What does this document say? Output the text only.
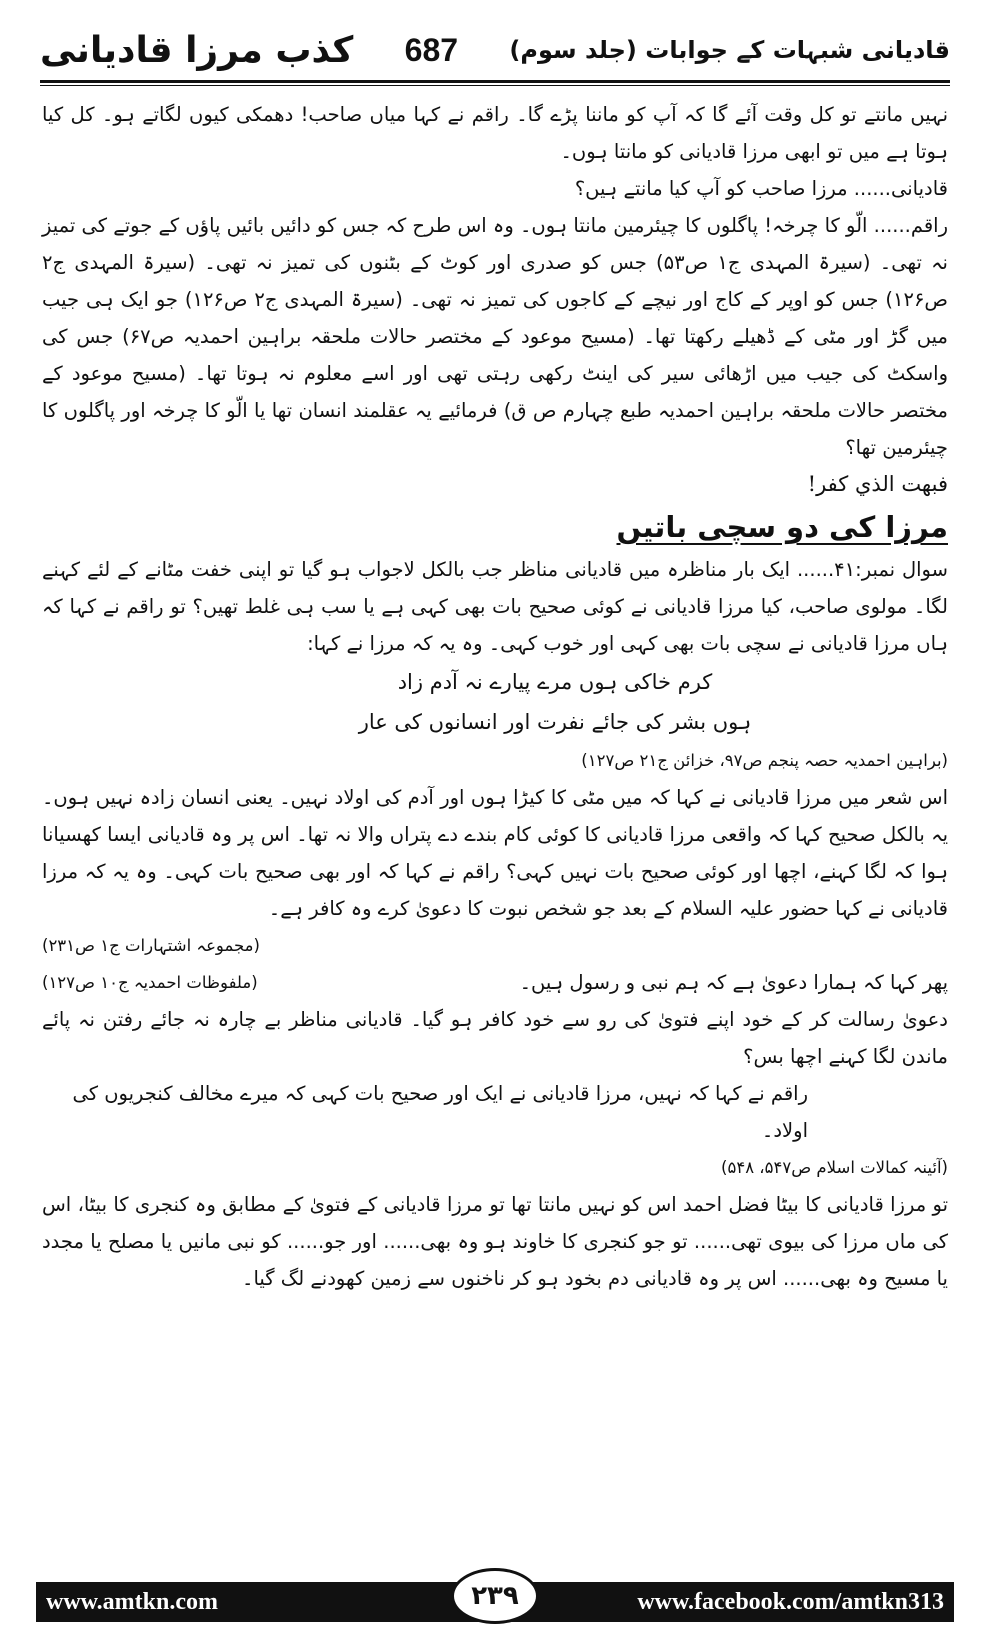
کذب مرزا قادیانی 687 قادیانی شبہات کے جوابات (جلد سوم)

نہیں مانتے تو کل وقت آئے گا کہ آپ کو ماننا پڑے گا۔ راقم نے کہا میاں صاحب! دھمکی کیوں لگاتے ہو۔ کل کیا ہوتا ہے میں تو ابھی مرزا قادیانی کو مانتا ہوں۔

قادیانی...... مرزا صاحب کو آپ کیا مانتے ہیں؟

راقم...... الّو کا چرخہ! پاگلوں کا چیئرمین مانتا ہوں۔ وہ اس طرح کہ جس کو دائیں بائیں پاؤں کے جوتے کی تمیز نہ تھی۔ (سیرۃ المہدی ج۱ ص۵۳) جس کو صدری اور کوٹ کے بٹنوں کی تمیز نہ تھی۔ (سیرۃ المہدی ج۲ ص۱۲۶) جس کو اوپر کے کاج اور نیچے کے کاجوں کی تمیز نہ تھی۔ (سیرۃ المہدی ج۲ ص۱۲۶) جو ایک ہی جیب میں گڑ اور مٹی کے ڈھیلے رکھتا تھا۔ (مسیح موعود کے مختصر حالات ملحقہ براہین احمدیہ ص۶۷) جس کی واسکٹ کی جیب میں اڑھائی سیر کی اینٹ رکھی رہتی تھی اور اسے معلوم نہ ہوتا تھا۔ (مسیح موعود کے مختصر حالات ملحقہ براہین احمدیہ طبع چہارم ص ق) فرمائیے یہ عقلمند انسان تھا یا الّو کا چرخہ اور پاگلوں کا چیئرمین تھا؟

فبهت الذي كفر!

مرزا کی دو سچی باتیں

سوال نمبر:۴۱...... ایک بار مناظرہ میں قادیانی مناظر جب بالکل لاجواب ہو گیا تو اپنی خفت مٹانے کے لئے کہنے لگا۔ مولوی صاحب، کیا مرزا قادیانی نے کوئی صحیح بات بھی کہی ہے یا سب ہی غلط تھیں؟ تو راقم نے کہا کہ ہاں مرزا قادیانی نے سچی بات بھی کہی اور خوب کہی۔ وہ یہ کہ مرزا نے کہا:

کرم خاکی ہوں مرے پیارے نہ آدم زاد

ہوں بشر کی جائے نفرت اور انسانوں کی عار

(براہین احمدیہ حصہ پنجم ص۹۷، خزائن ج۲۱ ص۱۲۷)

اس شعر میں مرزا قادیانی نے کہا کہ میں مٹی کا کیڑا ہوں اور آدم کی اولاد نہیں۔ یعنی انسان زادہ نہیں ہوں۔ یہ بالکل صحیح کہا کہ واقعی مرزا قادیانی کا کوئی کام بندے دے پتراں والا نہ تھا۔ اس پر وہ قادیانی ایسا کھسیانا ہوا کہ لگا کہنے، اچھا اور کوئی صحیح بات نہیں کہی؟ راقم نے کہا کہ اور بھی صحیح بات کہی۔ وہ یہ کہ مرزا قادیانی نے کہا حضور علیہ السلام کے بعد جو شخص نبوت کا دعویٰ کرے وہ کافر ہے۔

(مجموعہ اشتہارات ج۱ ص۲۳۱)
پھر کہا کہ ہمارا دعویٰ ہے کہ ہم نبی و رسول ہیں۔
(ملفوظات احمدیہ ج۱۰ ص۱۲۷)

دعویٰ رسالت کر کے خود اپنے فتویٰ کی رو سے خود کافر ہو گیا۔ قادیانی مناظر بے چارہ نہ جائے رفتن نہ پائے ماندن لگا کہنے اچھا بس؟

راقم نے کہا کہ نہیں، مرزا قادیانی نے ایک اور صحیح بات کہی کہ میرے مخالف کنجریوں کی اولاد۔

(آئینہ کمالات اسلام ص۵۴۷، ۵۴۸)

تو مرزا قادیانی کا بیٹا فضل احمد اس کو نہیں مانتا تھا تو مرزا قادیانی کے فتویٰ کے مطابق وہ کنجری کا بیٹا، اس کی ماں مرزا کی بیوی تھی...... تو جو کنجری کا خاوند ہو وہ بھی...... اور جو...... کو نبی مانیں یا مصلح یا مجدد یا مسیح وہ بھی...... اس پر وہ قادیانی دم بخود ہو کر ناخنوں سے زمین کھودنے لگ گیا۔

www.amtkn.com	۲۳۹	www.facebook.com/amtkn313
